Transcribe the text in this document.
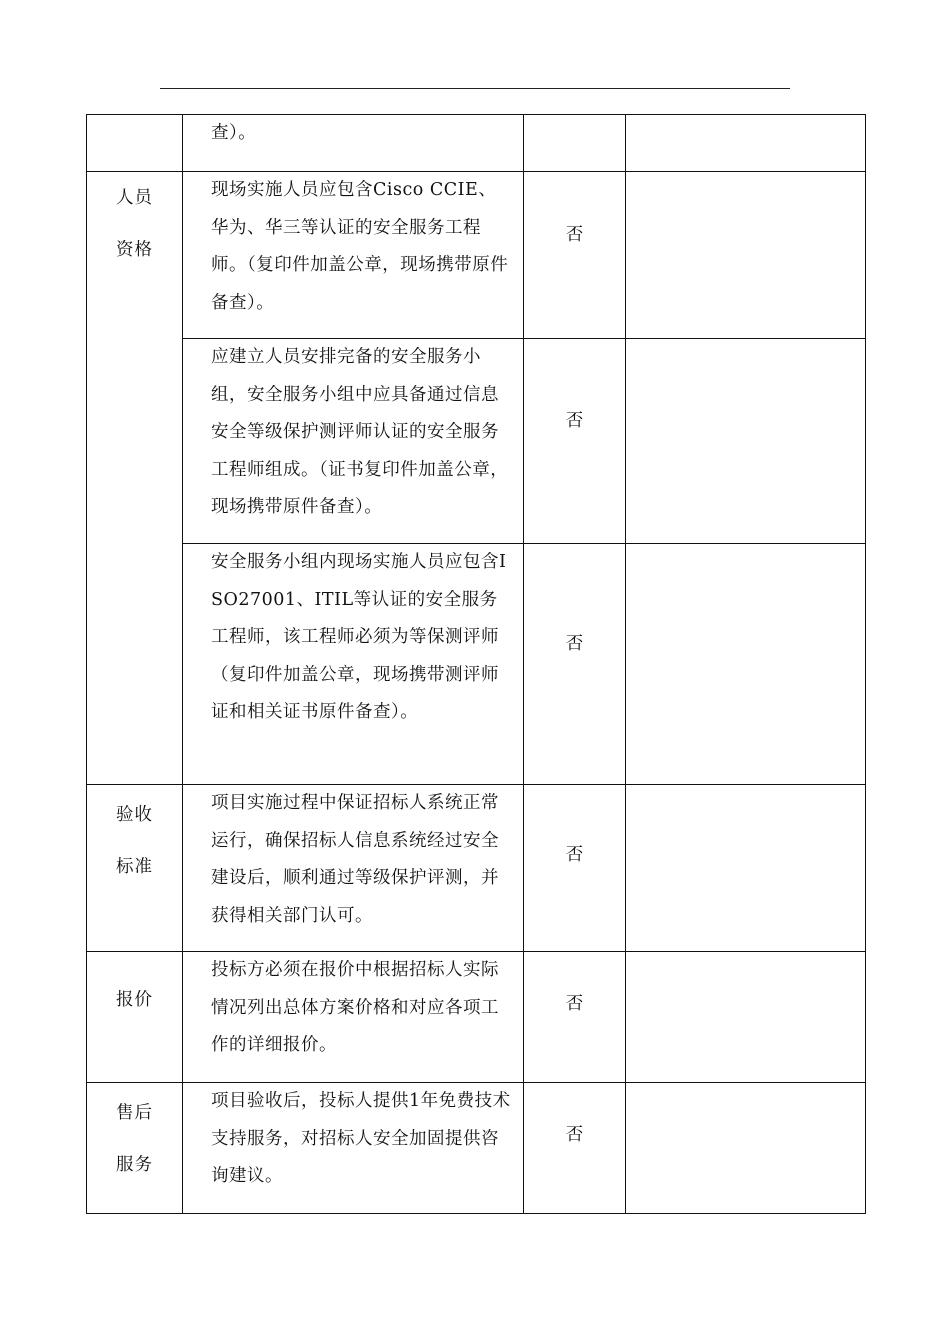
	查）。		

人员资格	现场实施人员应包含Cisco CCIE、华为、华三等认证的安全服务工程师。（复印件加盖公章，现场携带原件备查）。	否	

	应建立人员安排完备的安全服务小组，安全服务小组中应具备通过信息安全等级保护测评师认证的安全服务工程师组成。（证书复印件加盖公章，现场携带原件备查）。	否	

	安全服务小组内现场实施人员应包含ISO27001、ITIL等认证的安全服务工程师，该工程师必须为等保测评师（复印件加盖公章，现场携带测评师证和相关证书原件备查）。	否	

验收标准	项目实施过程中保证招标人系统正常运行，确保招标人信息系统经过安全建设后，顺利通过等级保护评测，并获得相关部门认可。	否	

报价	投标方必须在报价中根据招标人实际情况列出总体方案价格和对应各项工作的详细报价。	否	

售后服务	项目验收后，投标人提供1年免费技术支持服务，对招标人安全加固提供咨询建议。	否	
